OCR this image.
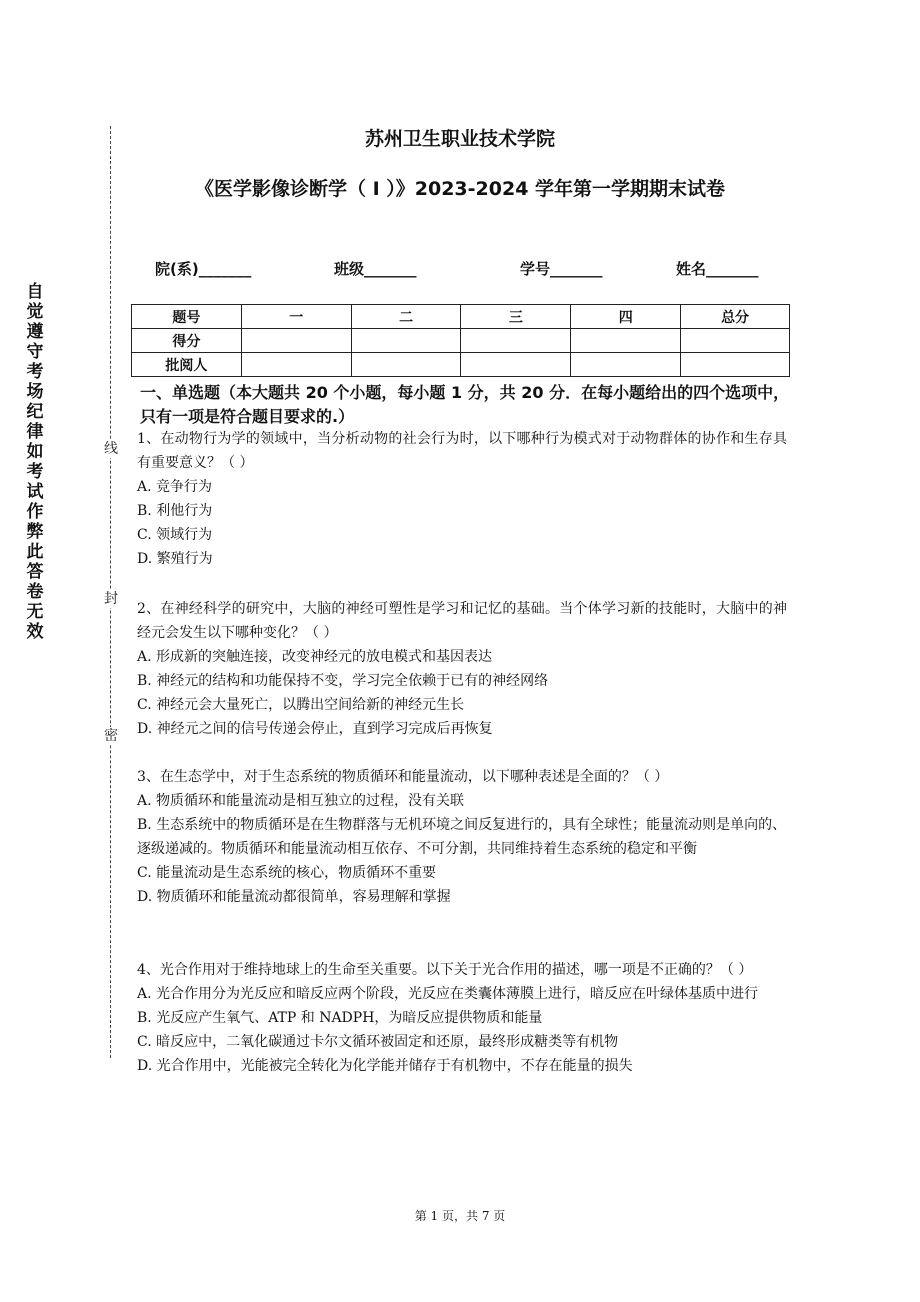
自觉遵守考场纪律如考试作弊此答卷无效
线
封
密
苏州卫生职业技术学院
《医学影像诊断学（ I ）》2023-2024 学年第一学期期末试卷
院(系)_______	班级_______	学号_______	姓名_______
题号	一	二	三	四	总分
得分					
批阅人					
一、单选题（本大题共 20 个小题，每小题 1 分，共 20 分．在每小题给出的四个选项中，只有一项是符合题目要求的.）

1、在动物行为学的领域中，当分析动物的社会行为时，以下哪种行为模式对于动物群体的协作和生存具有重要意义？（ ）

A. 竞争行为

B. 利他行为

C. 领域行为

D. 繁殖行为

2、在神经科学的研究中，大脑的神经可塑性是学习和记忆的基础。当个体学习新的技能时，大脑中的神经元会发生以下哪种变化？（ ）

A. 形成新的突触连接，改变神经元的放电模式和基因表达

B. 神经元的结构和功能保持不变，学习完全依赖于已有的神经网络

C. 神经元会大量死亡，以腾出空间给新的神经元生长

D. 神经元之间的信号传递会停止，直到学习完成后再恢复

3、在生态学中，对于生态系统的物质循环和能量流动，以下哪种表述是全面的？（ ）

A. 物质循环和能量流动是相互独立的过程，没有关联

B. 生态系统中的物质循环是在生物群落与无机环境之间反复进行的，具有全球性；能量流动则是单向的、逐级递减的。物质循环和能量流动相互依存、不可分割，共同维持着生态系统的稳定和平衡

C. 能量流动是生态系统的核心，物质循环不重要

D. 物质循环和能量流动都很简单，容易理解和掌握

4、光合作用对于维持地球上的生命至关重要。以下关于光合作用的描述，哪一项是不正确的？（ ）

A. 光合作用分为光反应和暗反应两个阶段，光反应在类囊体薄膜上进行，暗反应在叶绿体基质中进行

B. 光反应产生氧气、ATP 和 NADPH，为暗反应提供物质和能量

C. 暗反应中，二氧化碳通过卡尔文循环被固定和还原，最终形成糖类等有机物

D. 光合作用中，光能被完全转化为化学能并储存于有机物中，不存在能量的损失

第 1 页，共 7 页
